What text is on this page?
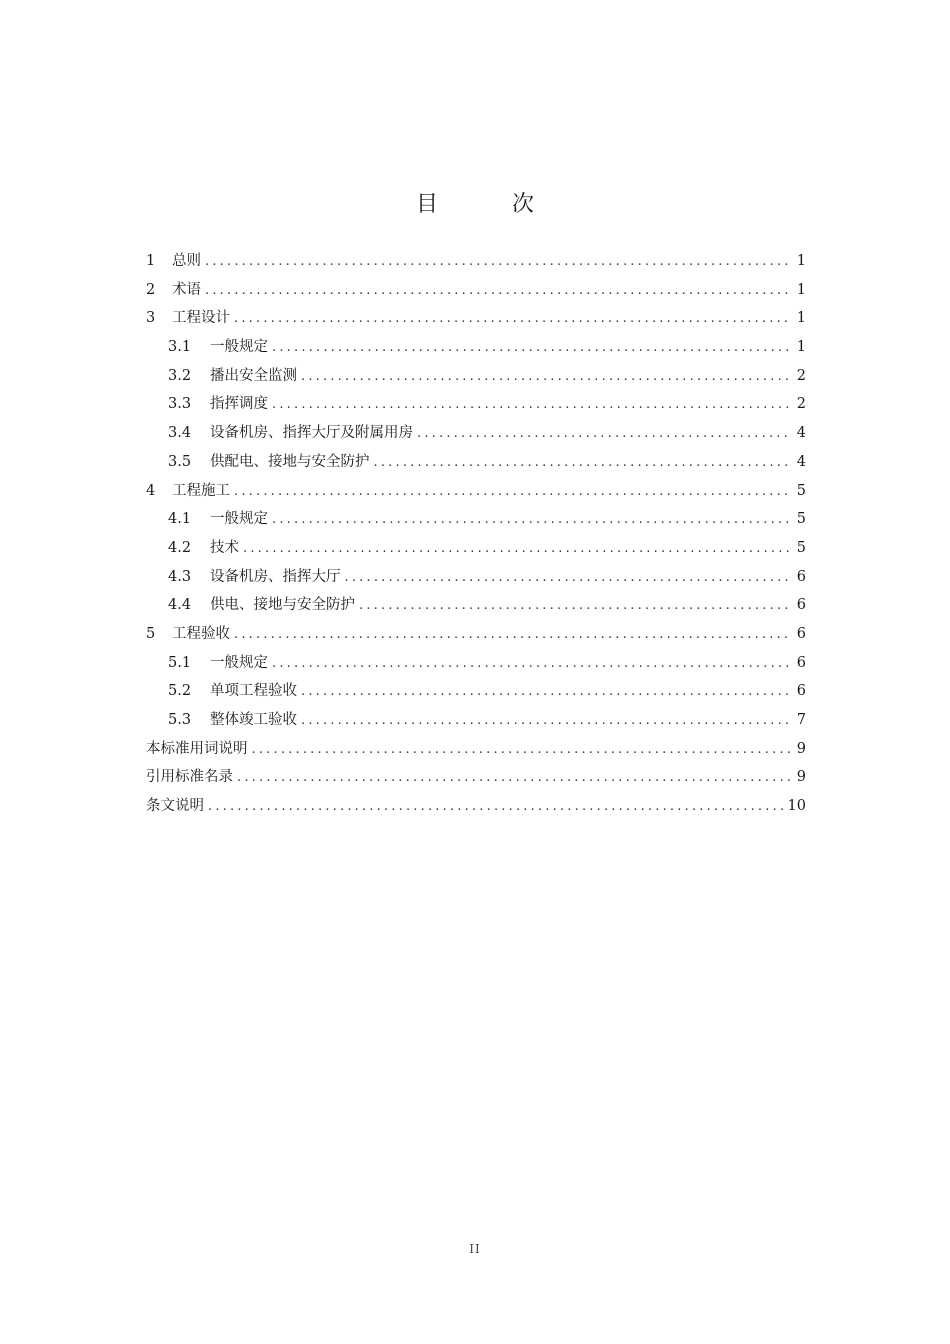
目　次
1	总则 .....	1
2	术语 .....	1
3	工程设计 .....	1
3.1	一般规定 .....	1
3.2	播出安全监测 .....	2
3.3	指挥调度 .....	2
3.4	设备机房、指挥大厅及附属用房 .....	4
3.5	供配电、接地与安全防护 .....	4
4	工程施工 .....	5
4.1	一般规定 .....	5
4.2	技术 .....	5
4.3	设备机房、指挥大厅 .....	6
4.4	供电、接地与安全防护 .....	6
5	工程验收 .....	6
5.1	一般规定 .....	6
5.2	单项工程验收 .....	6
5.3	整体竣工验收 .....	7
本标准用词说明 .....	9
引用标准名录 .....	9
条文说明 .....	10
II
